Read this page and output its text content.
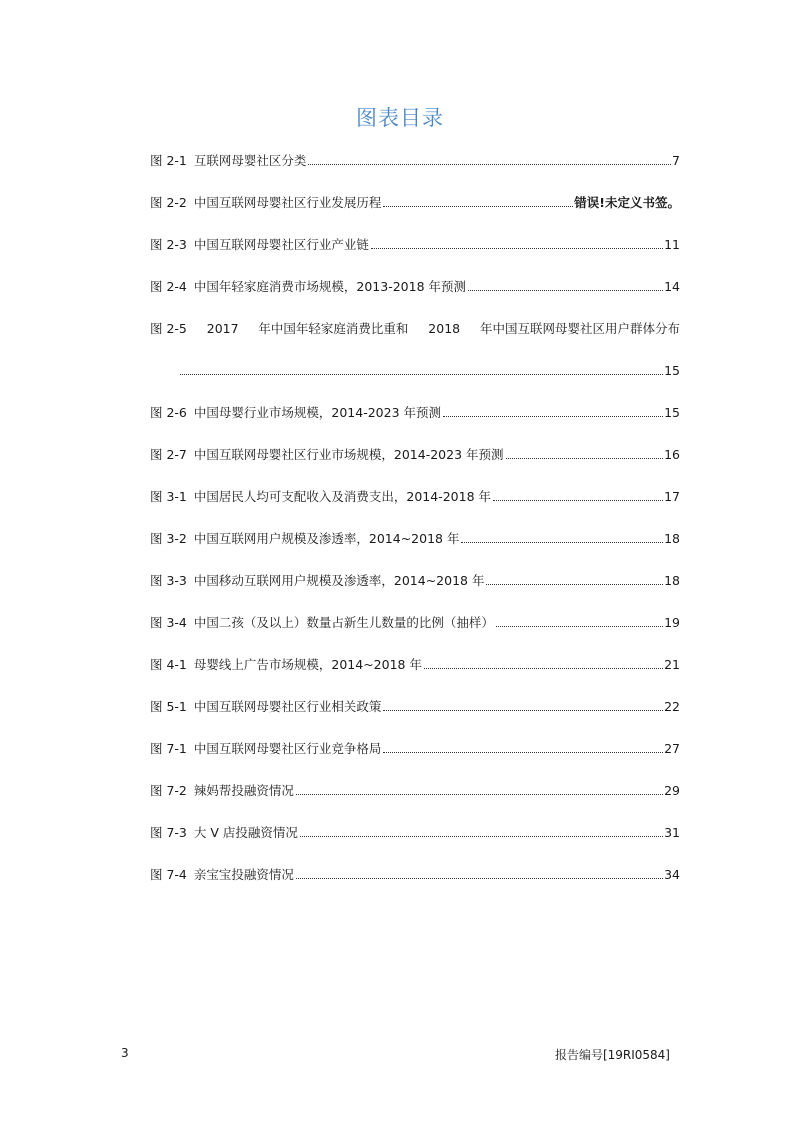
图表目录
图 2-1 互联网母婴社区分类	7
图 2-2 中国互联网母婴社区行业发展历程	错误!未定义书签。
图 2-3 中国互联网母婴社区行业产业链	11
图 2-4 中国年轻家庭消费市场规模，2013-2018 年预测	14
图 2-5 2017 年中国年轻家庭消费比重和 2018 年中国互联网母婴社区用户群体分布
15
图 2-6 中国母婴行业市场规模，2014-2023 年预测	15
图 2-7 中国互联网母婴社区行业市场规模，2014-2023 年预测	16
图 3-1 中国居民人均可支配收入及消费支出，2014-2018 年	17
图 3-2 中国互联网用户规模及渗透率，2014~2018 年	18
图 3-3 中国移动互联网用户规模及渗透率，2014~2018 年	18
图 3-4 中国二孩（及以上）数量占新生儿数量的比例（抽样）	19
图 4-1 母婴线上广告市场规模，2014~2018 年	21
图 5-1 中国互联网母婴社区行业相关政策	22
图 7-1 中国互联网母婴社区行业竞争格局	27
图 7-2 辣妈帮投融资情况	29
图 7-3 大 V 店投融资情况	31
图 7-4 亲宝宝投融资情况	34
3	报告编号[19RI0584]
